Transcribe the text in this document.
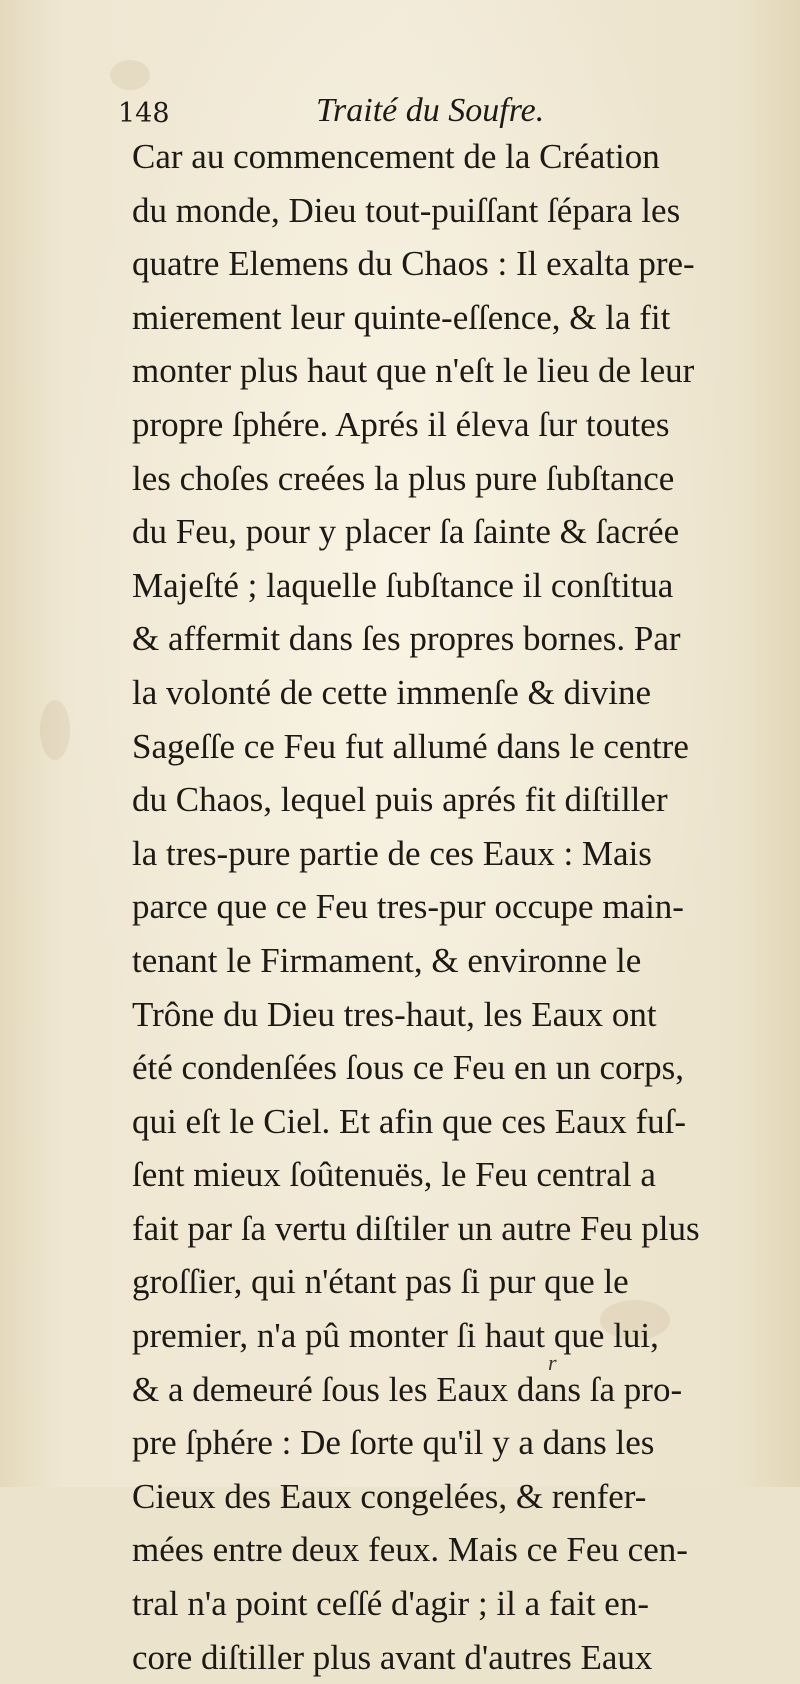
148	Traité du Soufre.
Car au commencement de la Création
du monde, Dieu tout-puiſſant ſépara les
quatre Elemens du Chaos : Il exalta pre-
mierement leur quinte-eſſence, & la fit
monter plus haut que n'eſt le lieu de leur
propre ſphére. Aprés il éleva ſur toutes
les choſes creées la plus pure ſubſtance
du Feu, pour y placer ſa ſainte & ſacrée
Majeſté ; laquelle ſubſtance il conſtitua
& affermit dans ſes propres bornes. Par
la volonté de cette immenſe & divine
Sageſſe ce Feu fut allumé dans le centre
du Chaos, lequel puis aprés fit diſtiller
la tres-pure partie de ces Eaux : Mais
parce que ce Feu tres-pur occupe main-
tenant le Firmament, & environne le
Trône du Dieu tres-haut, les Eaux ont
été condenſées ſous ce Feu en un corps,
qui eſt le Ciel. Et afin que ces Eaux fuſ-
ſent mieux ſoûtenuës, le Feu central a
fait par ſa vertu diſtiler un autre Feu plus
groſſier, qui n'étant pas ſi pur que le
premier, n'a pû monter ſi haut que lui,
& a demeuré ſous les Eaux dans ſa pro-
pre ſphére : De ſorte qu'il y a dans les
Cieux des Eaux congelées, & renfer-
mées entre deux feux. Mais ce Feu cen-
tral n'a point ceſſé d'agir ; il a fait en-
core diſtiller plus avant d'autres Eaux
r
